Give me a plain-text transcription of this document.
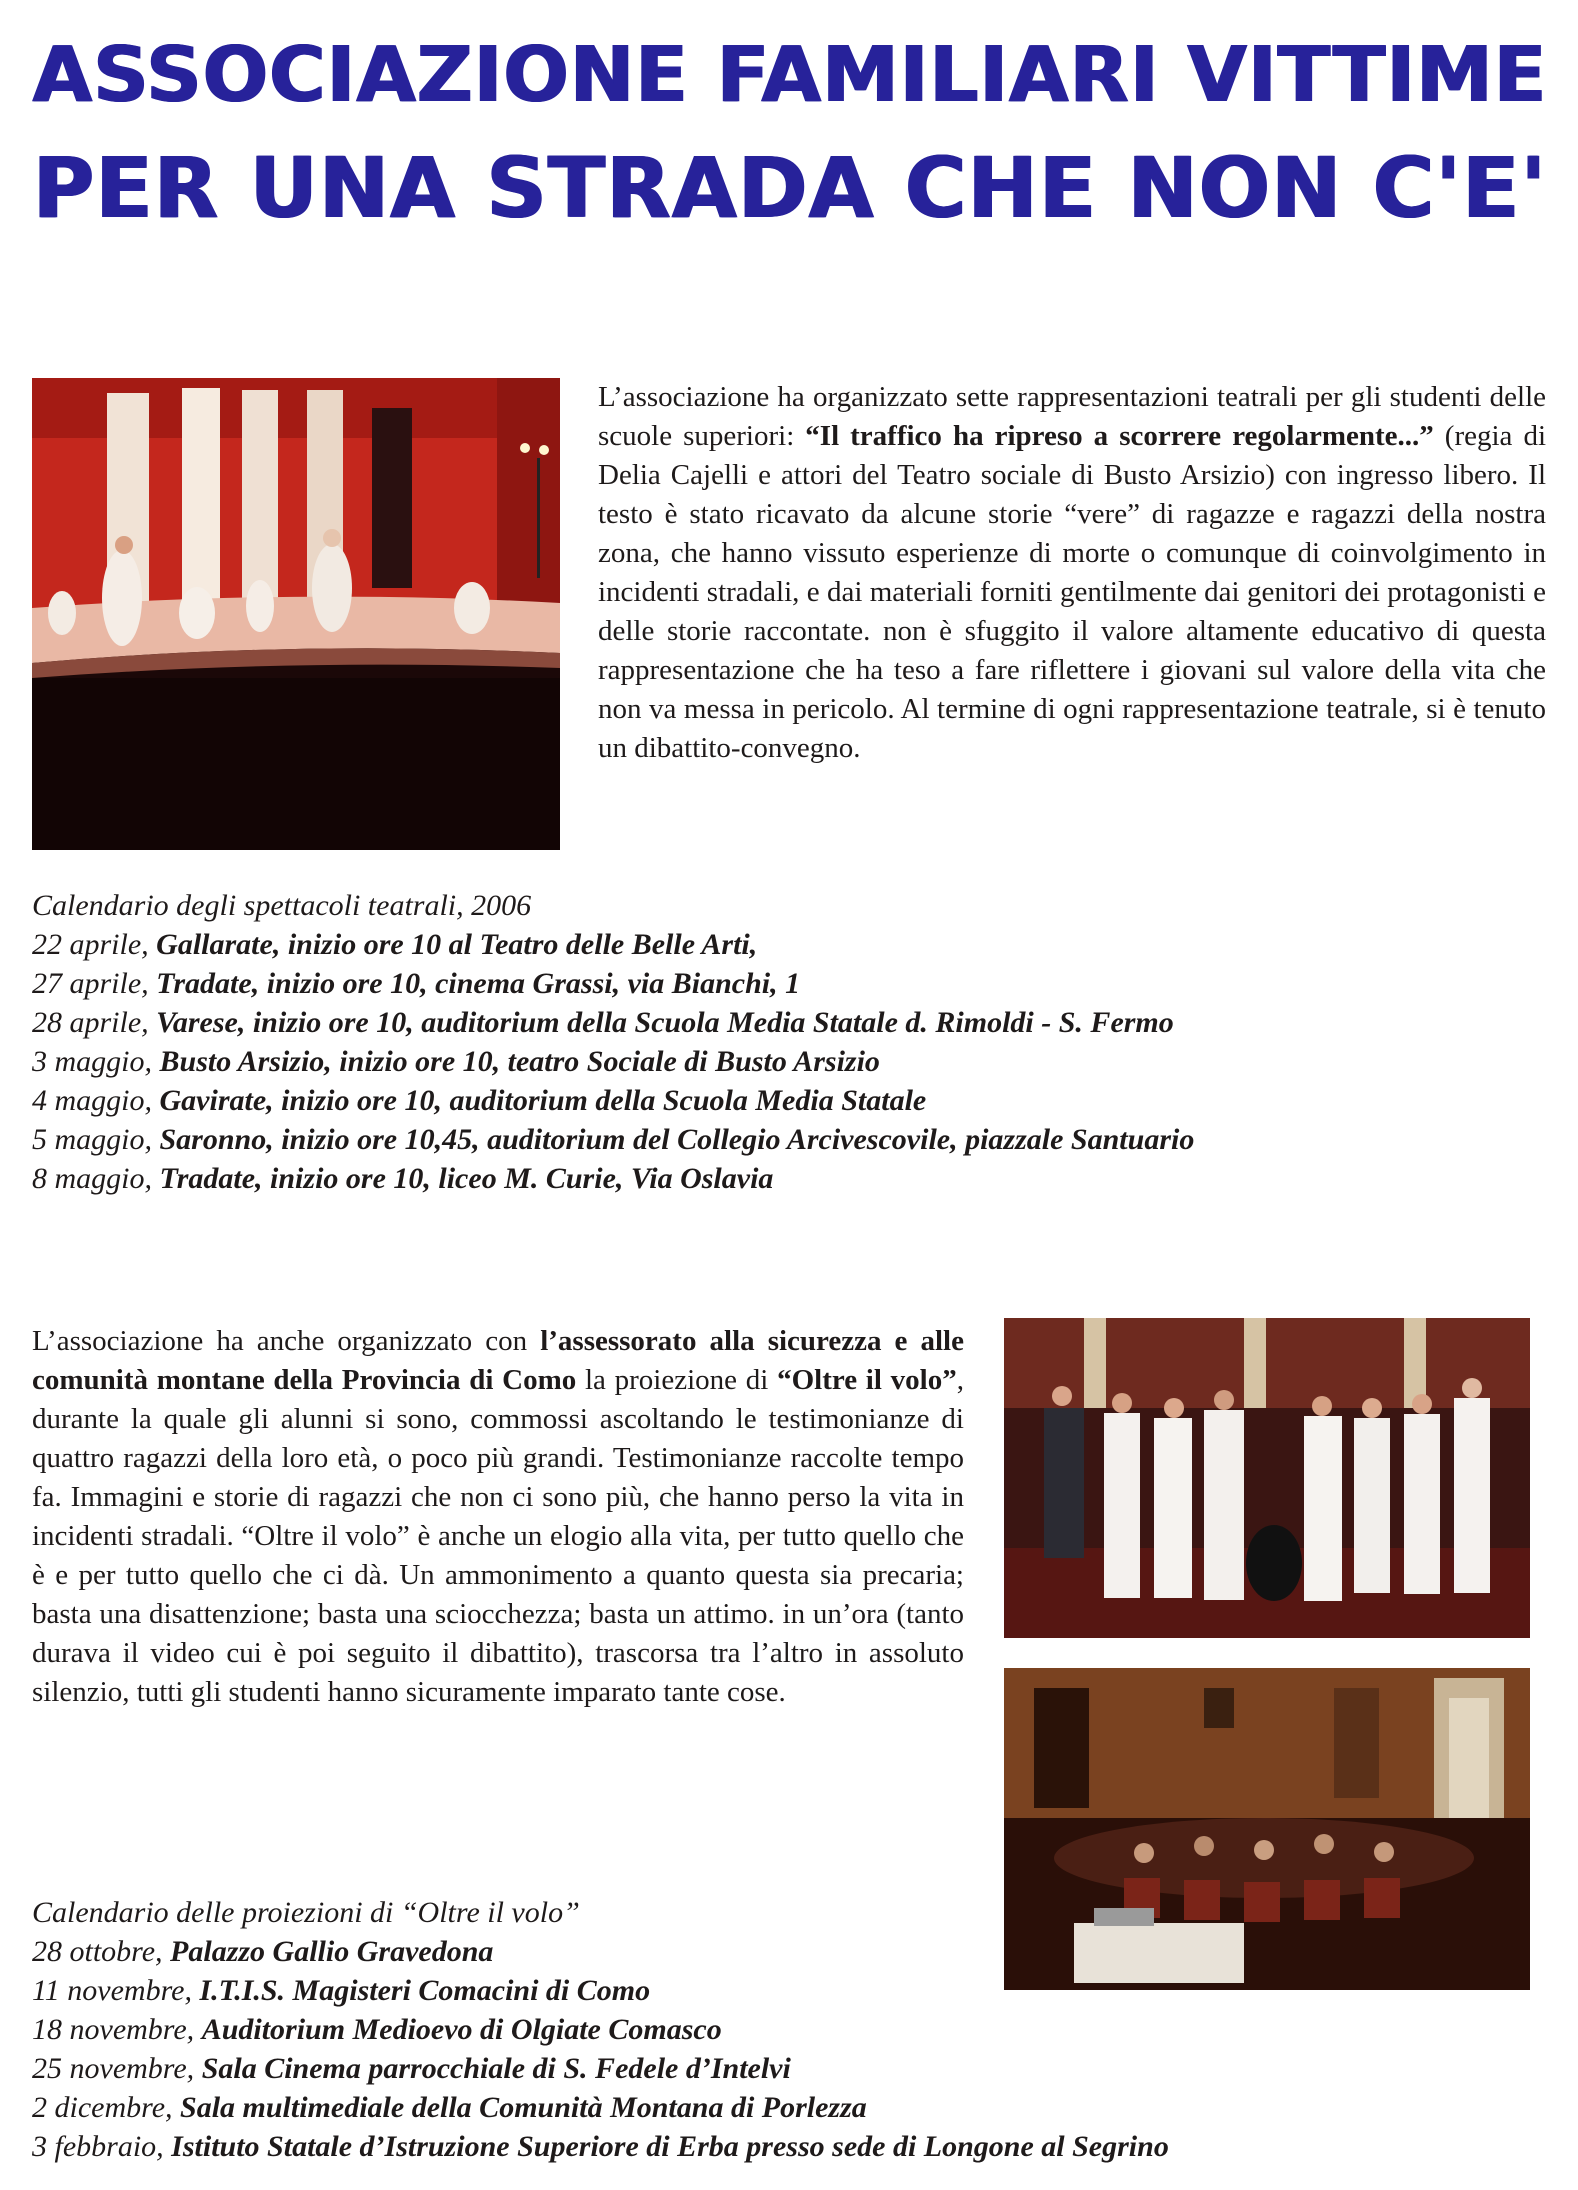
ASSOCIAZIONE FAMILIARI VITTIME
PER UNA STRADA CHE NON C'E'

L’associazione ha organizzato sette rappresentazioni teatrali per gli studenti delle scuole superiori: “Il traffico ha ripreso a scorrere regolarmente...” (regia di Delia Cajelli e attori del Teatro sociale di Busto Arsizio) con ingresso libero. Il testo è stato ricavato da alcune storie “vere” di ragazze e ragazzi della nostra zona, che hanno vissuto esperienze di morte o comunque di coinvolgimento in incidenti stradali, e dai materiali forniti gentilmente dai genitori dei protagonisti e delle storie raccontate. non è sfuggito il valore altamente educativo di questa rappresentazione che ha teso a fare riflettere i giovani sul valore della vita che non va messa in pericolo. Al termine di ogni rappresentazione teatrale, si è tenuto un dibattito-convegno.

Calendario degli spettacoli teatrali, 2006
22 aprile, Gallarate, inizio ore 10 al Teatro delle Belle Arti,
27 aprile, Tradate, inizio ore 10, cinema Grassi, via Bianchi, 1
28 aprile, Varese, inizio ore 10, auditorium della Scuola Media Statale d. Rimoldi - S. Fermo
3 maggio, Busto Arsizio, inizio ore 10, teatro Sociale di Busto Arsizio
4 maggio, Gavirate, inizio ore 10, auditorium della Scuola Media Statale
5 maggio, Saronno, inizio ore 10,45, auditorium del Collegio Arcivescovile, piazzale Santuario
8 maggio, Tradate, inizio ore 10, liceo M. Curie, Via Oslavia

L’associazione ha anche organizzato con l’assessorato alla sicurezza e alle comunità montane della Provincia di Como la proiezione di “Oltre il volo”, durante la quale gli alunni si sono, commossi ascoltando le testimonianze di quattro ragazzi della loro età, o poco più grandi. Testimonianze raccolte tempo fa. Immagini e storie di ragazzi che non ci sono più, che hanno perso la vita in incidenti stradali. “Oltre il volo” è anche un elogio alla vita, per tutto quello che è e per tutto quello che ci dà. Un ammonimento a quanto questa sia precaria; basta una disattenzione; basta una sciocchezza; basta un attimo. in un’ora (tanto durava il video cui è poi seguito il dibattito), trascorsa tra l’altro in assoluto silenzio, tutti gli studenti hanno sicuramente imparato tante cose.

Calendario delle proiezioni di “Oltre il volo”
28 ottobre, Palazzo Gallio Gravedona
11 novembre, I.T.I.S. Magisteri Comacini di Como
18 novembre, Auditorium Medioevo di Olgiate Comasco
25 novembre, Sala Cinema parrocchiale di S. Fedele d’Intelvi
2 dicembre, Sala multimediale della Comunità Montana di Porlezza
3 febbraio, Istituto Statale d’Istruzione Superiore di Erba presso sede di Longone al Segrino
